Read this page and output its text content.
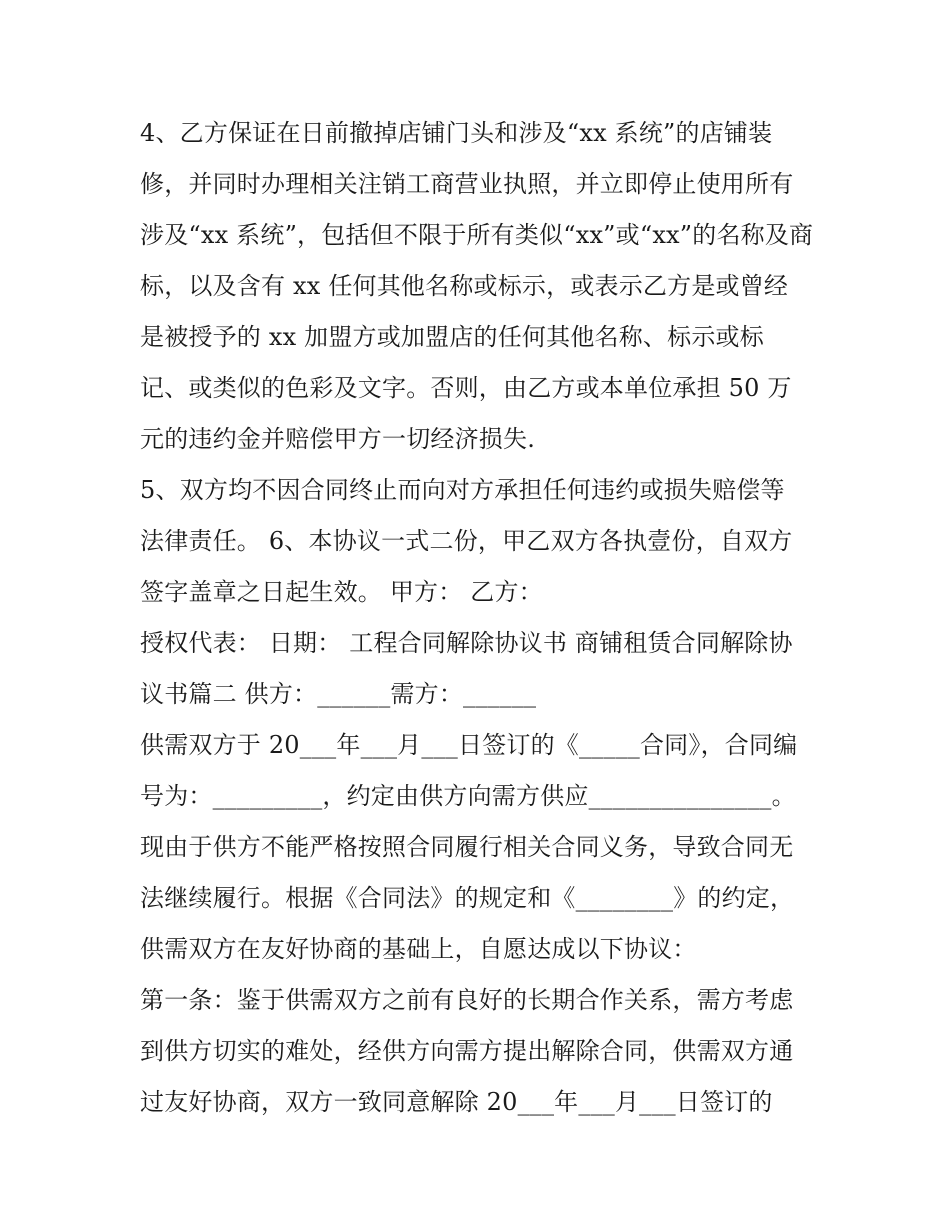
4、乙方保证在日前撤掉店铺门头和涉及“xx 系统”的店铺装
修，并同时办理相关注销工商营业执照，并立即停止使用所有
涉及“xx 系统”，包括但不限于所有类似“xx”或“xx”的名称及商
标，以及含有 xx 任何其他名称或标示，或表示乙方是或曾经
是被授予的 xx 加盟方或加盟店的任何其他名称、标示或标
记、或类似的色彩及文字。否则，由乙方或本单位承担 50 万
元的违约金并赔偿甲方一切经济损失.
5、双方均不因合同终止而向对方承担任何违约或损失赔偿等
法律责任。 6、本协议一式二份，甲乙双方各执壹份，自双方
签字盖章之日起生效。 甲方： 乙方：
授权代表： 日期： 工程合同解除协议书 商铺租赁合同解除协
议书篇二 供方：______需方：______
供需双方于 20___年___月___日签订的《_____合同》，合同编
号为：_________，约定由供方向需方供应_______________。
现由于供方不能严格按照合同履行相关合同义务，导致合同无
法继续履行。根据《合同法》的规定和《________》的约定，
供需双方在友好协商的基础上，自愿达成以下协议：
第一条：鉴于供需双方之前有良好的长期合作关系，需方考虑
到供方切实的难处，经供方向需方提出解除合同，供需双方通
过友好协商，双方一致同意解除 20___年___月___日签订的
